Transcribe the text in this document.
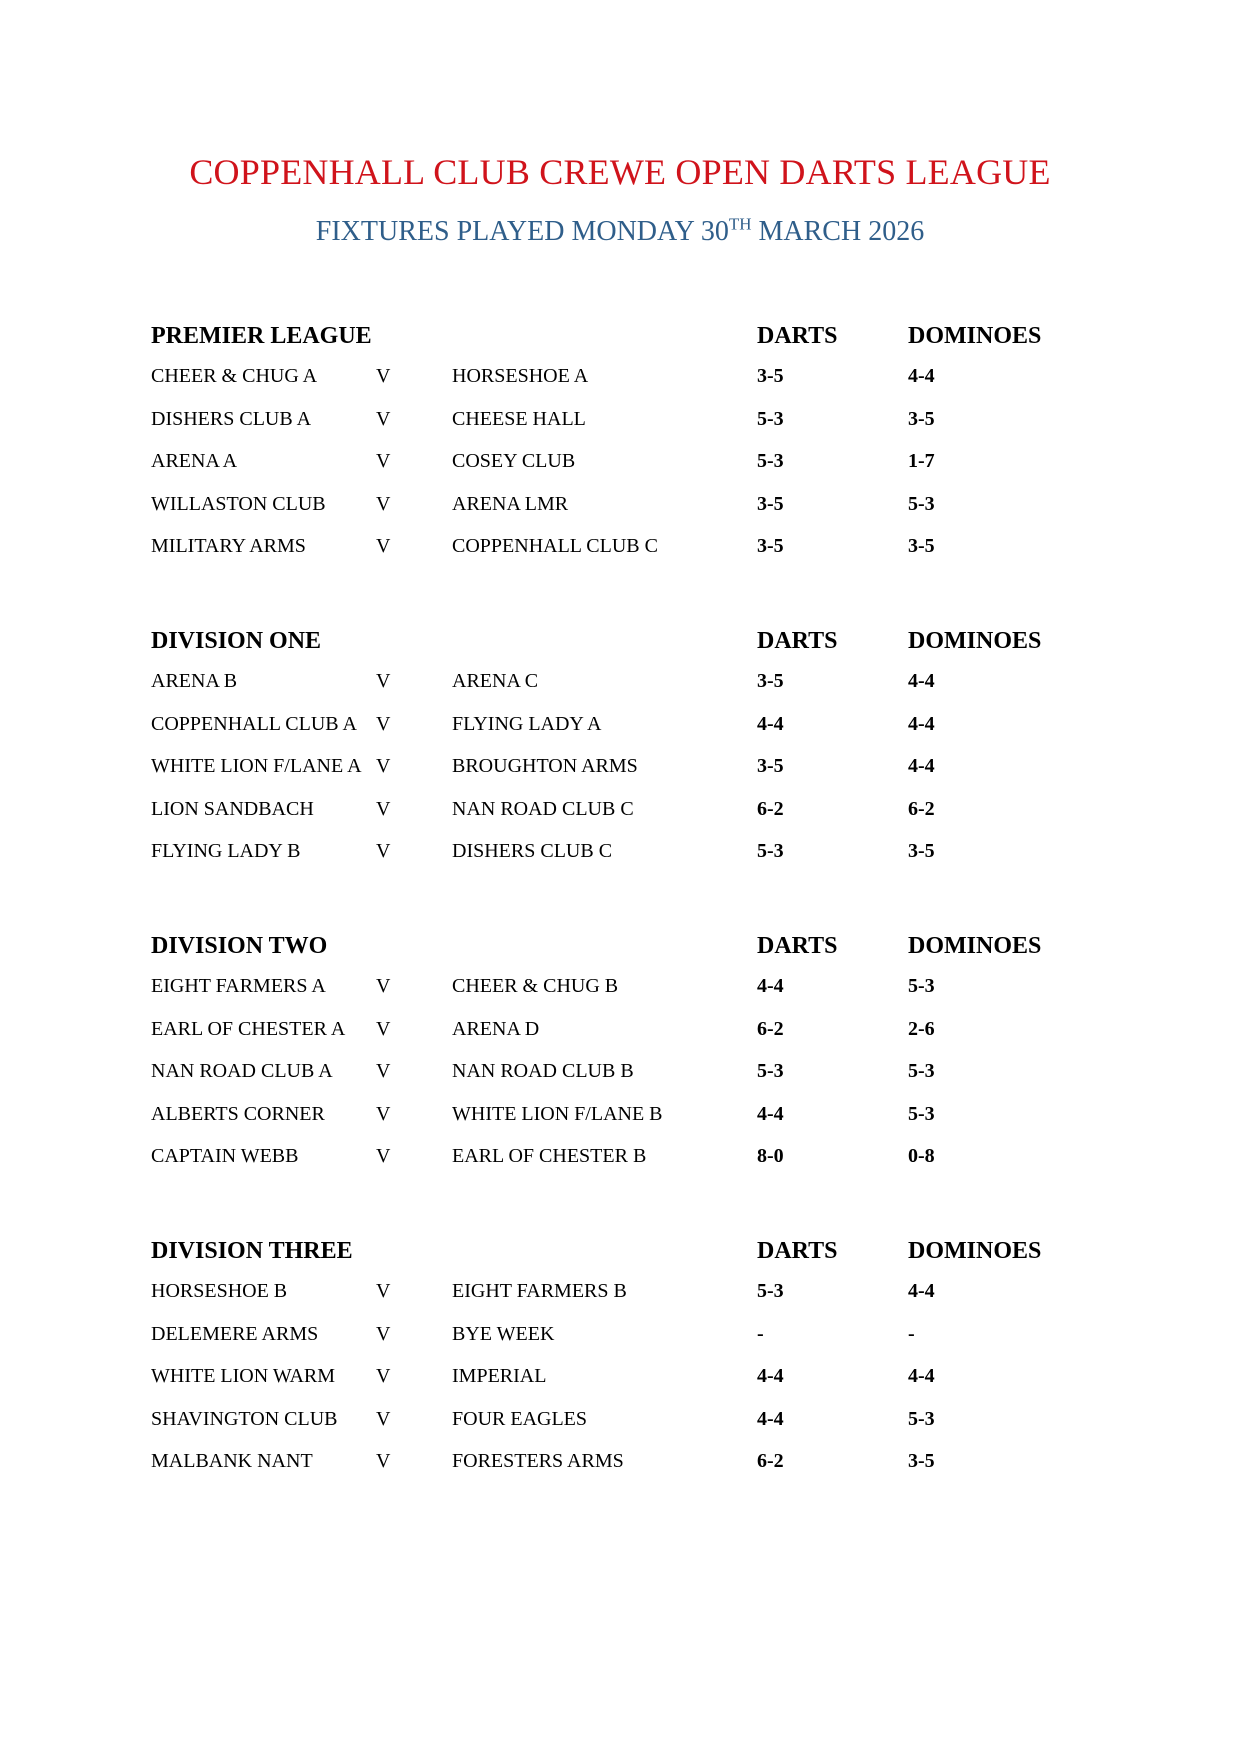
COPPENHALL CLUB CREWE OPEN DARTS LEAGUE
FIXTURES PLAYED MONDAY 30TH MARCH 2026
PREMIER LEAGUE	DARTS	DOMINOES
CHEER & CHUG A	V	HORSESHOE A	3-5	4-4
DISHERS CLUB A	V	CHEESE HALL	5-3	3-5
ARENA A	V	COSEY CLUB	5-3	1-7
WILLASTON CLUB	V	ARENA LMR	3-5	5-3
MILITARY ARMS	V	COPPENHALL CLUB C	3-5	3-5
DIVISION ONE	DARTS	DOMINOES
ARENA B	V	ARENA C	3-5	4-4
COPPENHALL CLUB A V	FLYING LADY A	4-4	4-4
WHITE LION F/LANE A V	BROUGHTON ARMS	3-5	4-4
LION SANDBACH	V	NAN ROAD CLUB C	6-2	6-2
FLYING LADY B	V	DISHERS CLUB C	5-3	3-5
DIVISION TWO	DARTS	DOMINOES
EIGHT FARMERS A	V	CHEER & CHUG B	4-4	5-3
EARL OF CHESTER A V	ARENA D	6-2	2-6
NAN ROAD CLUB A V	NAN ROAD CLUB B	5-3	5-3
ALBERTS CORNER	V	WHITE LION F/LANE B	4-4	5-3
CAPTAIN WEBB	V	EARL OF CHESTER B	8-0	0-8
DIVISION THREE	DARTS	DOMINOES
HORSESHOE B	V	EIGHT FARMERS B	5-3	4-4
DELEMERE ARMS	V	BYE WEEK	-	-
WHITE LION WARM V	IMPERIAL	4-4	4-4
SHAVINGTON CLUB V	FOUR EAGLES	4-4	5-3
MALBANK NANT	V	FORESTERS ARMS	6-2	3-5
